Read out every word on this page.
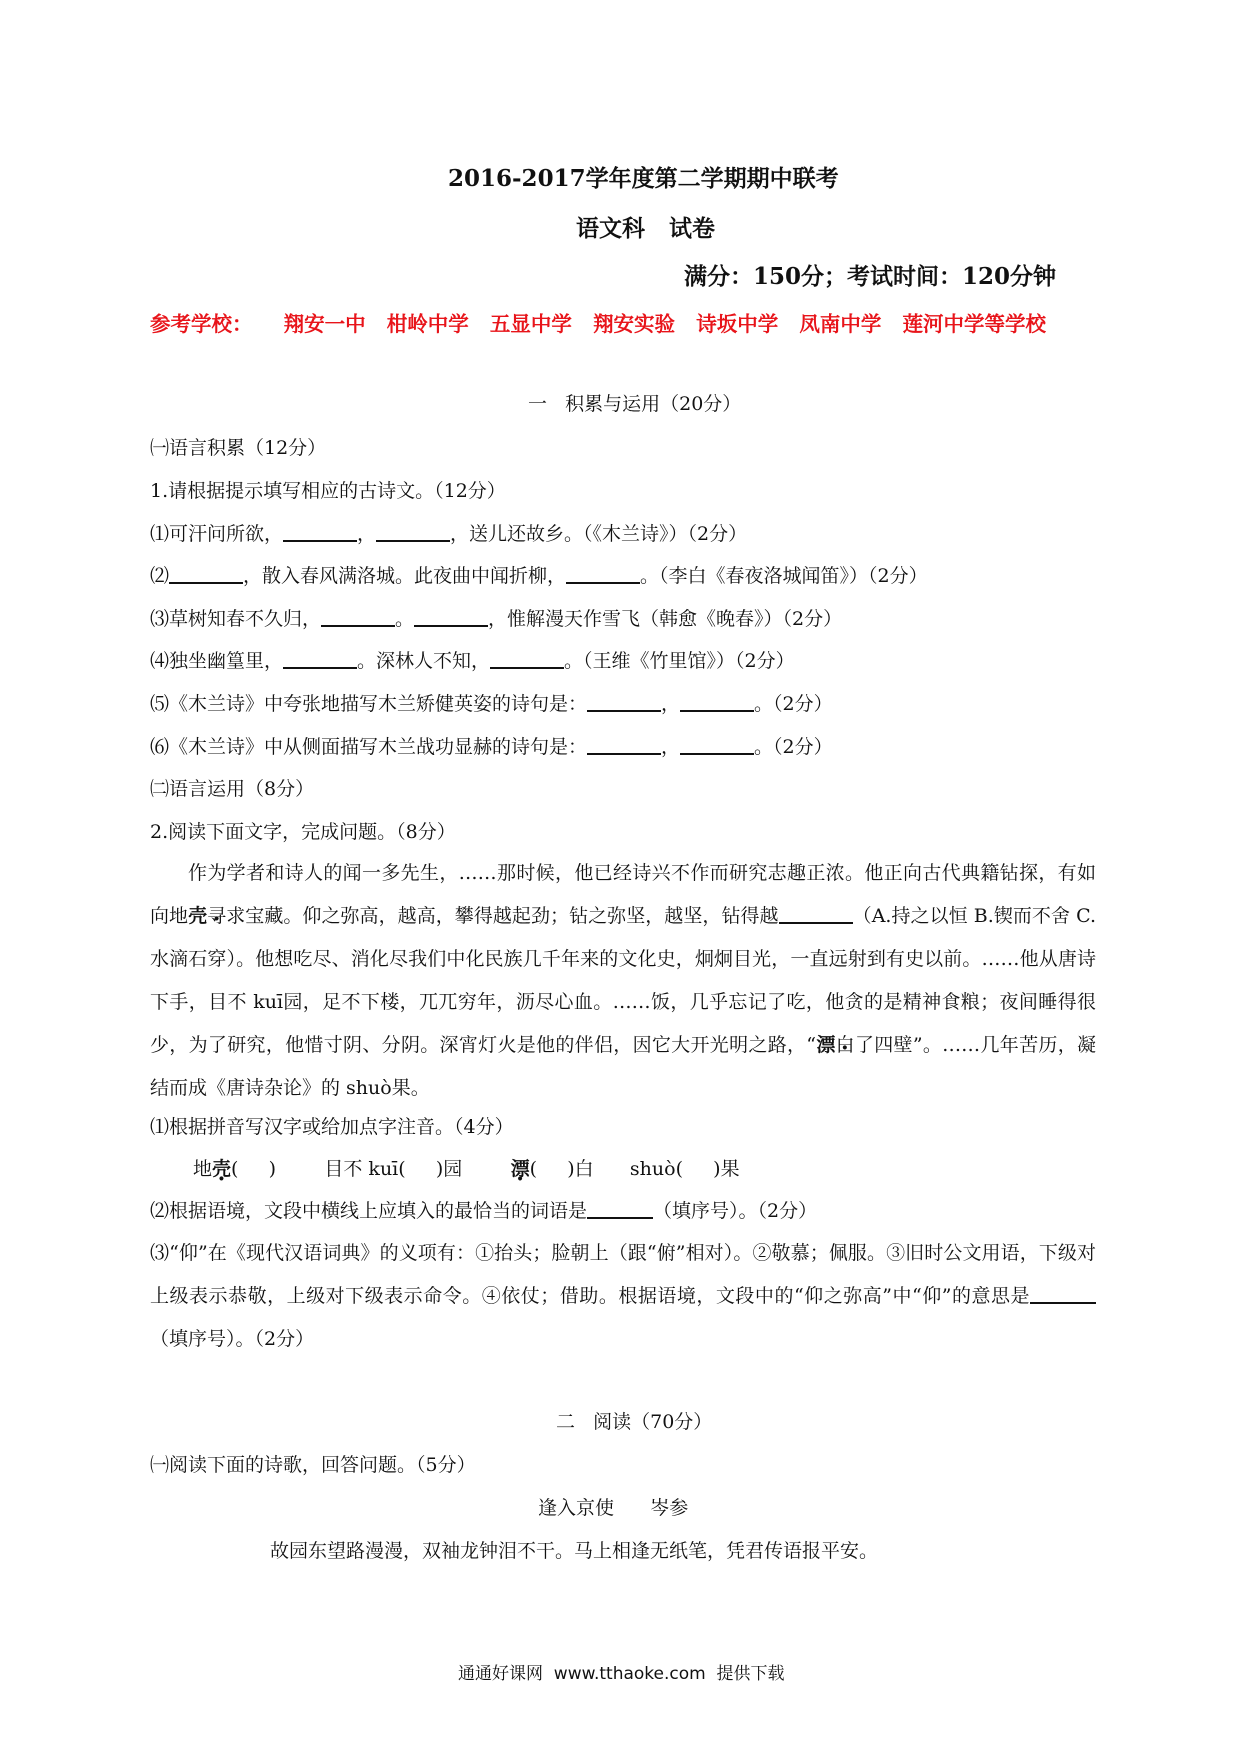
2016-2017学年度第二学期期中联考
语文科   试卷
满分：150分；考试时间：120分钟
参考学校： 翔安一中 柑岭中学 五显中学 翔安实验 诗坂中学 凤南中学 莲河中学等学校
一   积累与运用（20分）
㈠语言积累（12分）
1.请根据提示填写相应的古诗文。（12分）
⑴可汗问所欲，	，	，送儿还故乡。（《木兰诗》）（2分）
⑵	，散入春风满洛城。此夜曲中闻折柳，	。（李白《春夜洛城闻笛》）（2分）
⑶草树知春不久归，	。	，惟解漫天作雪飞（韩愈《晚春》）（2分）
⑷独坐幽篁里，	。深林人不知，	。（王维《竹里馆》）（2分）
⑸《木兰诗》中夸张地描写木兰矫健英姿的诗句是：	，	。（2分）
⑹《木兰诗》中从侧面描写木兰战功显赫的诗句是：	，	。（2分）
㈡语言运用（8分）
2.阅读下面文字，完成问题。（8分）
作为学者和诗人的闻一多先生，……那时候，他已经诗兴不作而研究志趣正浓。他正向古代典籍钻探，有如向地壳 ·寻求宝藏。仰之弥高，越高，攀得越起劲；钻之弥坚，越坚，钻得越	（A.持之以恒 B.锲而不舍 C.水滴石穿）。他想吃尽、消化尽我们中化民族几千年来的文化史，炯炯目光，一直远射到有史以前。……他从唐诗下手，目不 kuī园，足不下楼，兀兀穷年，沥尽心血。……饭，几乎忘记了吃，他贪的是精神食粮；夜间睡得很少，为了研究，他惜寸阴、分阴。深宵灯火是他的伴侣，因它大开光明之路，“漂 ·白了四壁”。……几年苦历，凝结而成《唐诗杂论》的 shuò果。
⑴根据拼音写汉字或给加点字注音。（4分）
地壳(     )	目不 kuī(     )园	漂(     )白 shuò(     )果
⑵根据语境，文段中横线上应填入的最恰当的词语是	（填序号）。（2分）
⑶“仰”在《现代汉语词典》的义项有：①抬头；脸朝上（跟“俯”相对）。②敬慕；佩服。③旧时公文用语，下级对上级表示恭敬，上级对下级表示命令。④依仗；借助。根据语境，文段中的“仰之弥高”中“仰”的意思是（填序号）。（2分）
二   阅读（70分）
㈠阅读下面的诗歌，回答问题。（5分）
逢入京使      岑参
故园东望路漫漫，双袖龙钟泪不干。马上相逢无纸笔，凭君传语报平安。
通通好课网  www.tthaoke.com  提供下载
